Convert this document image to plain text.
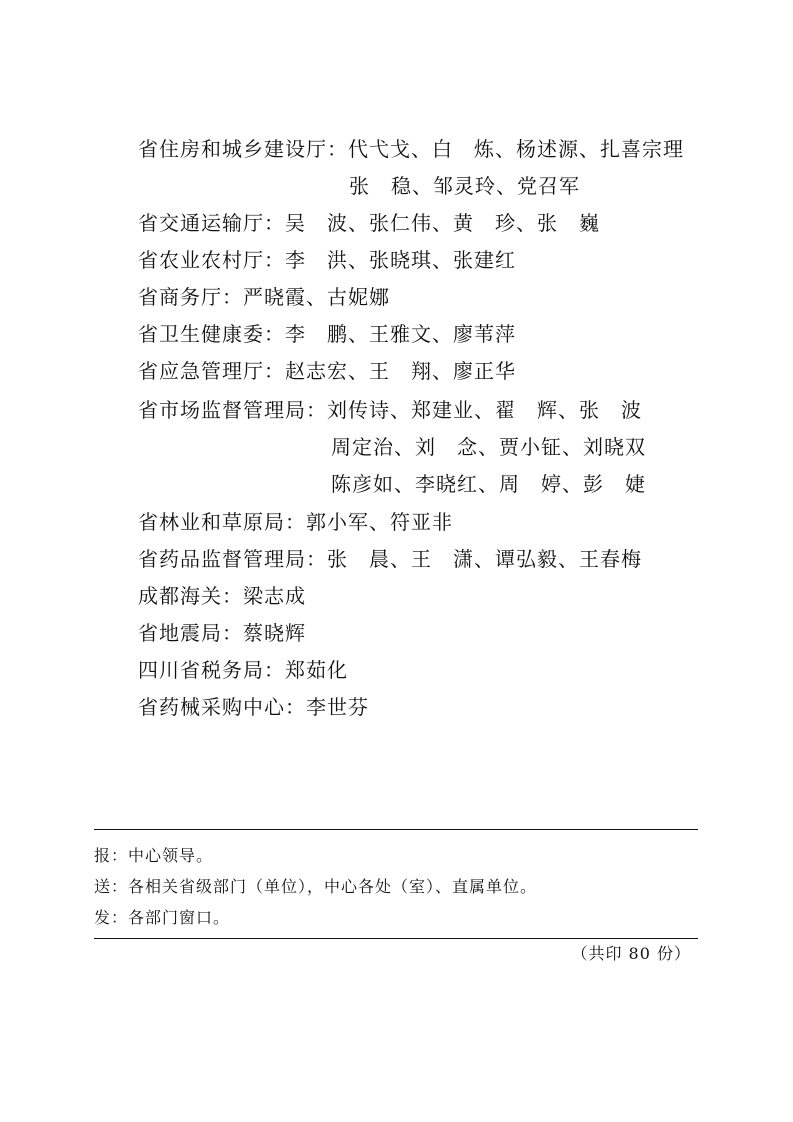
省住房和城乡建设厅：代弋戈、白　炼、杨述源、扎喜宗理
张　稳、邹灵玲、党召军
省交通运输厅：吴　波、张仁伟、黄　珍、张　巍
省农业农村厅：李　洪、张晓琪、张建红
省商务厅：严晓霞、古妮娜
省卫生健康委：李　鹏、王雅文、廖苇萍
省应急管理厅：赵志宏、王　翔、廖正华
省市场监督管理局：刘传诗、郑建业、翟　辉、张　波
周定治、刘　念、贾小钲、刘晓双
陈彦如、李晓红、周　婷、彭　婕
省林业和草原局：郭小军、符亚非
省药品监督管理局：张　晨、王　潇、谭弘毅、王春梅
成都海关：梁志成
省地震局：蔡晓辉
四川省税务局：郑茹化
省药械采购中心：李世芬
报：中心领导。
送：各相关省级部门（单位），中心各处（室）、直属单位。
发：各部门窗口。
（共印 80 份）
